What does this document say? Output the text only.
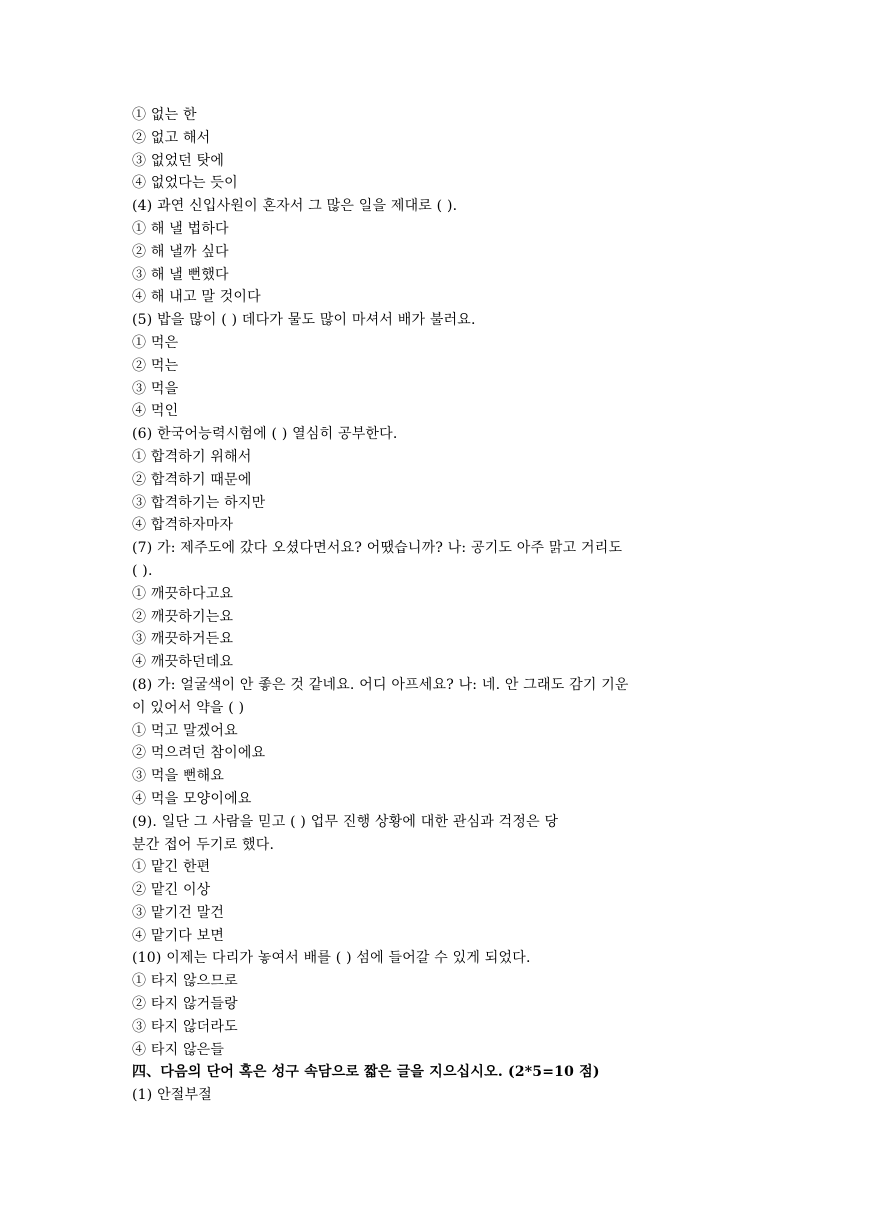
① 없는 한
② 없고 해서
③ 없었던 탓에
④ 없었다는 듯이
(4) 과연 신입사원이 혼자서 그 많은 일을 제대로 ( ).
① 해 낼 법하다
② 해 낼까 싶다
③ 해 낼 뻔했다
④ 해 내고 말 것이다
(5) 밥을 많이 ( ) 데다가 물도 많이 마셔서 배가 불러요.
① 먹은
② 먹는
③ 먹을
④ 먹인
(6) 한국어능력시험에 ( ) 열심히 공부한다.
① 합격하기 위해서
② 합격하기 때문에
③ 합격하기는 하지만
④ 합격하자마자
(7) 가: 제주도에 갔다 오셨다면서요? 어땠습니까? 나: 공기도 아주 맑고 거리도
( ).
① 깨끗하다고요
② 깨끗하기는요
③ 깨끗하거든요
④ 깨끗하던데요
(8) 가: 얼굴색이 안 좋은 것 같네요. 어디 아프세요? 나: 네. 안 그래도 감기 기운
이 있어서 약을 ( )
① 먹고 말겠어요
② 먹으려던 참이에요
③ 먹을 뻔해요
④ 먹을 모양이에요
(9). 일단 그 사람을 믿고 ( ) 업무 진행 상황에 대한 관심과 걱정은 당
분간 접어 두기로 했다.
① 맡긴 한편
② 맡긴 이상
③ 맡기건 말건
④ 맡기다 보면
(10) 이제는 다리가 놓여서 배를 ( ) 섬에 들어갈 수 있게 되었다.
① 타지 않으므로
② 타지 않거들랑
③ 타지 않더라도
④ 타지 않은들
四、다음의 단어 혹은 성구 속담으로 짧은 글을 지으십시오. (2*5=10 점)
(1) 안절부절
